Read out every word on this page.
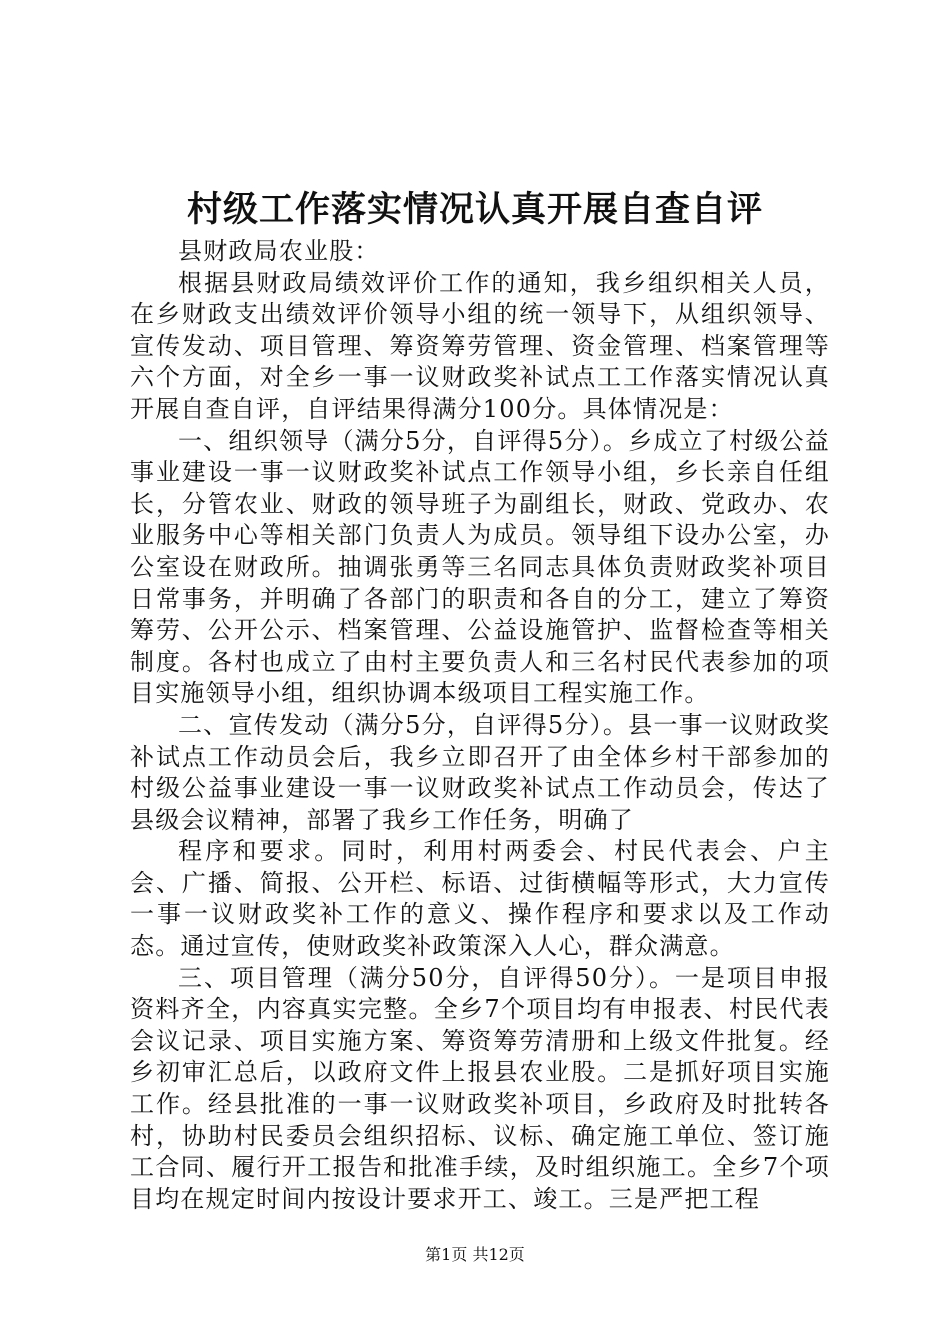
村级工作落实情况认真开展自查自评

县财政局农业股：

根据县财政局绩效评价工作的通知，我乡组织相关人员，在乡财政支出绩效评价领导小组的统一领导下，从组织领导、宣传发动、项目管理、筹资筹劳管理、资金管理、档案管理等六个方面，对全乡一事一议财政奖补试点工工作落实情况认真开展自查自评，自评结果得满分100分。具体情况是：

一、组织领导（满分5分，自评得5分）。乡成立了村级公益事业建设一事一议财政奖补试点工作领导小组，乡长亲自任组长，分管农业、财政的领导班子为副组长，财政、党政办、农业服务中心等相关部门负责人为成员。领导组下设办公室，办公室设在财政所。抽调张勇等三名同志具体负责财政奖补项目日常事务，并明确了各部门的职责和各自的分工，建立了筹资筹劳、公开公示、档案管理、公益设施管护、监督检查等相关制度。各村也成立了由村主要负责人和三名村民代表参加的项目实施领导小组，组织协调本级项目工程实施工作。

二、宣传发动（满分5分，自评得5分）。县一事一议财政奖补试点工作动员会后，我乡立即召开了由全体乡村干部参加的村级公益事业建设一事一议财政奖补试点工作动员会，传达了县级会议精神，部署了我乡工作任务，明确了

程序和要求。同时，利用村两委会、村民代表会、户主会、广播、简报、公开栏、标语、过街横幅等形式，大力宣传一事一议财政奖补工作的意义、操作程序和要求以及工作动态。通过宣传，使财政奖补政策深入人心，群众满意。

三、项目管理（满分50分，自评得50分）。一是项目申报资料齐全，内容真实完整。全乡7个项目均有申报表、村民代表会议记录、项目实施方案、筹资筹劳清册和上级文件批复。经乡初审汇总后，以政府文件上报县农业股。二是抓好项目实施工作。经县批准的一事一议财政奖补项目，乡政府及时批转各村，协助村民委员会组织招标、议标、确定施工单位、签订施工合同、履行开工报告和批准手续，及时组织施工。全乡7个项目均在规定时间内按设计要求开工、竣工。三是严把工程

第1页 共12页
